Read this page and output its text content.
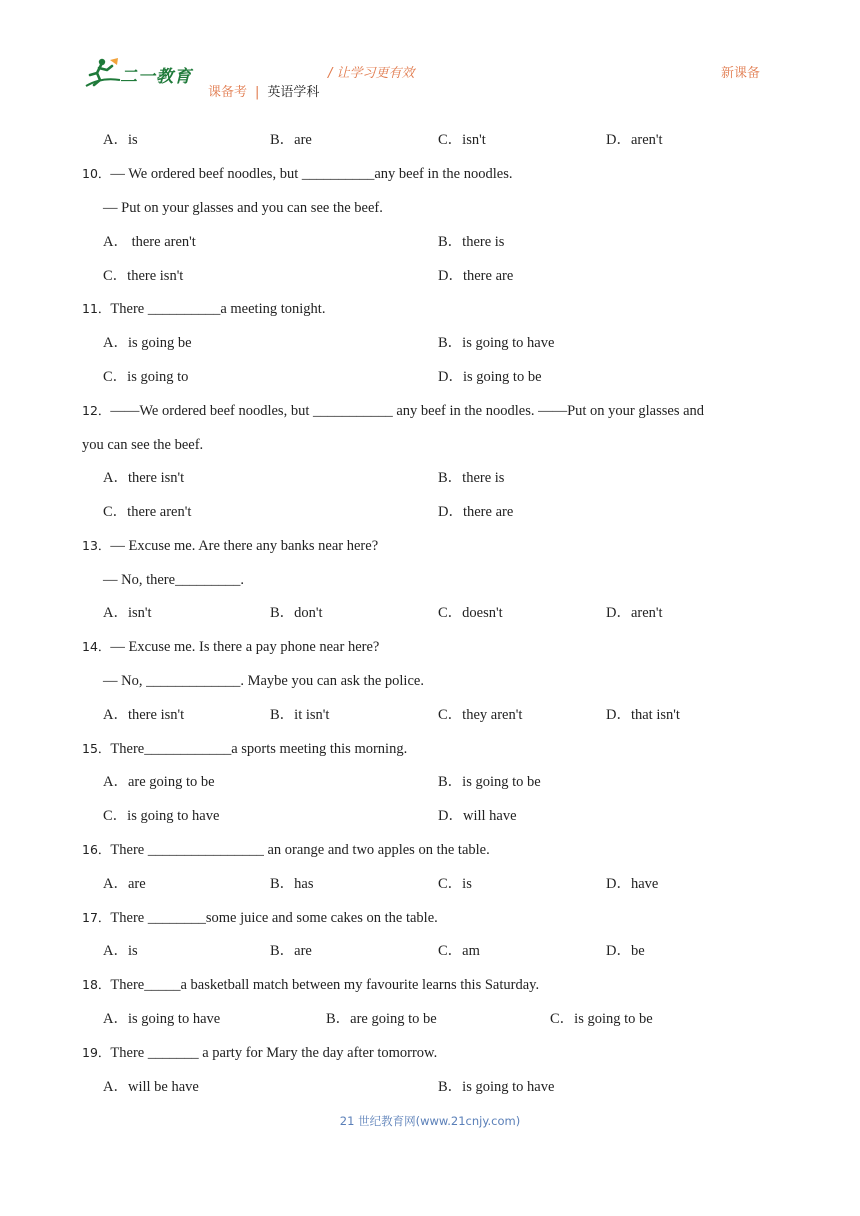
二一教育	/ 让学习更有效	新课备
课备考 | 英语学科
A．is	B．are	C．isn't	D．aren't
10．— We ordered beef noodles, but __________any beef in the noodles.
— Put on your glasses and you can see the beef.
A． there aren't	B．there is
C．there isn't	D．there are
11．There __________a meeting tonight.
A．is going be	B．is going to have
C．is going to	D．is going to be
12．——We ordered beef noodles, but ___________ any beef in the noodles. ——Put on your glasses and
you can see the beef.
A．there isn't	B．there is
C．there aren't	D．there are
13．— Excuse me. Are there any banks near here?
— No, there_________.
A．isn't	B．don't	C．doesn't	D．aren't
14．— Excuse me. Is there a pay phone near here?
— No, _____________. Maybe you can ask the police.
A．there isn't	B．it isn't	C．they aren't	D．that isn't
15．There____________a sports meeting this morning.
A．are going to be	B．is going to be
C．is going to have	D．will have
16．There ________________ an orange and two apples on the table.
A．are	B．has	C．is	D．have
17．There ________some juice and some cakes on the table.
A．is	B．are	C．am	D．be
18．There_____a basketball match between my favourite learns this Saturday.
A．is going to have	B．are going to be	C．is going to be
19．There _______ a party for Mary the day after tomorrow.
A．will be have	B．is going to have
21 世纪教育网(www.21cnjy.com)
